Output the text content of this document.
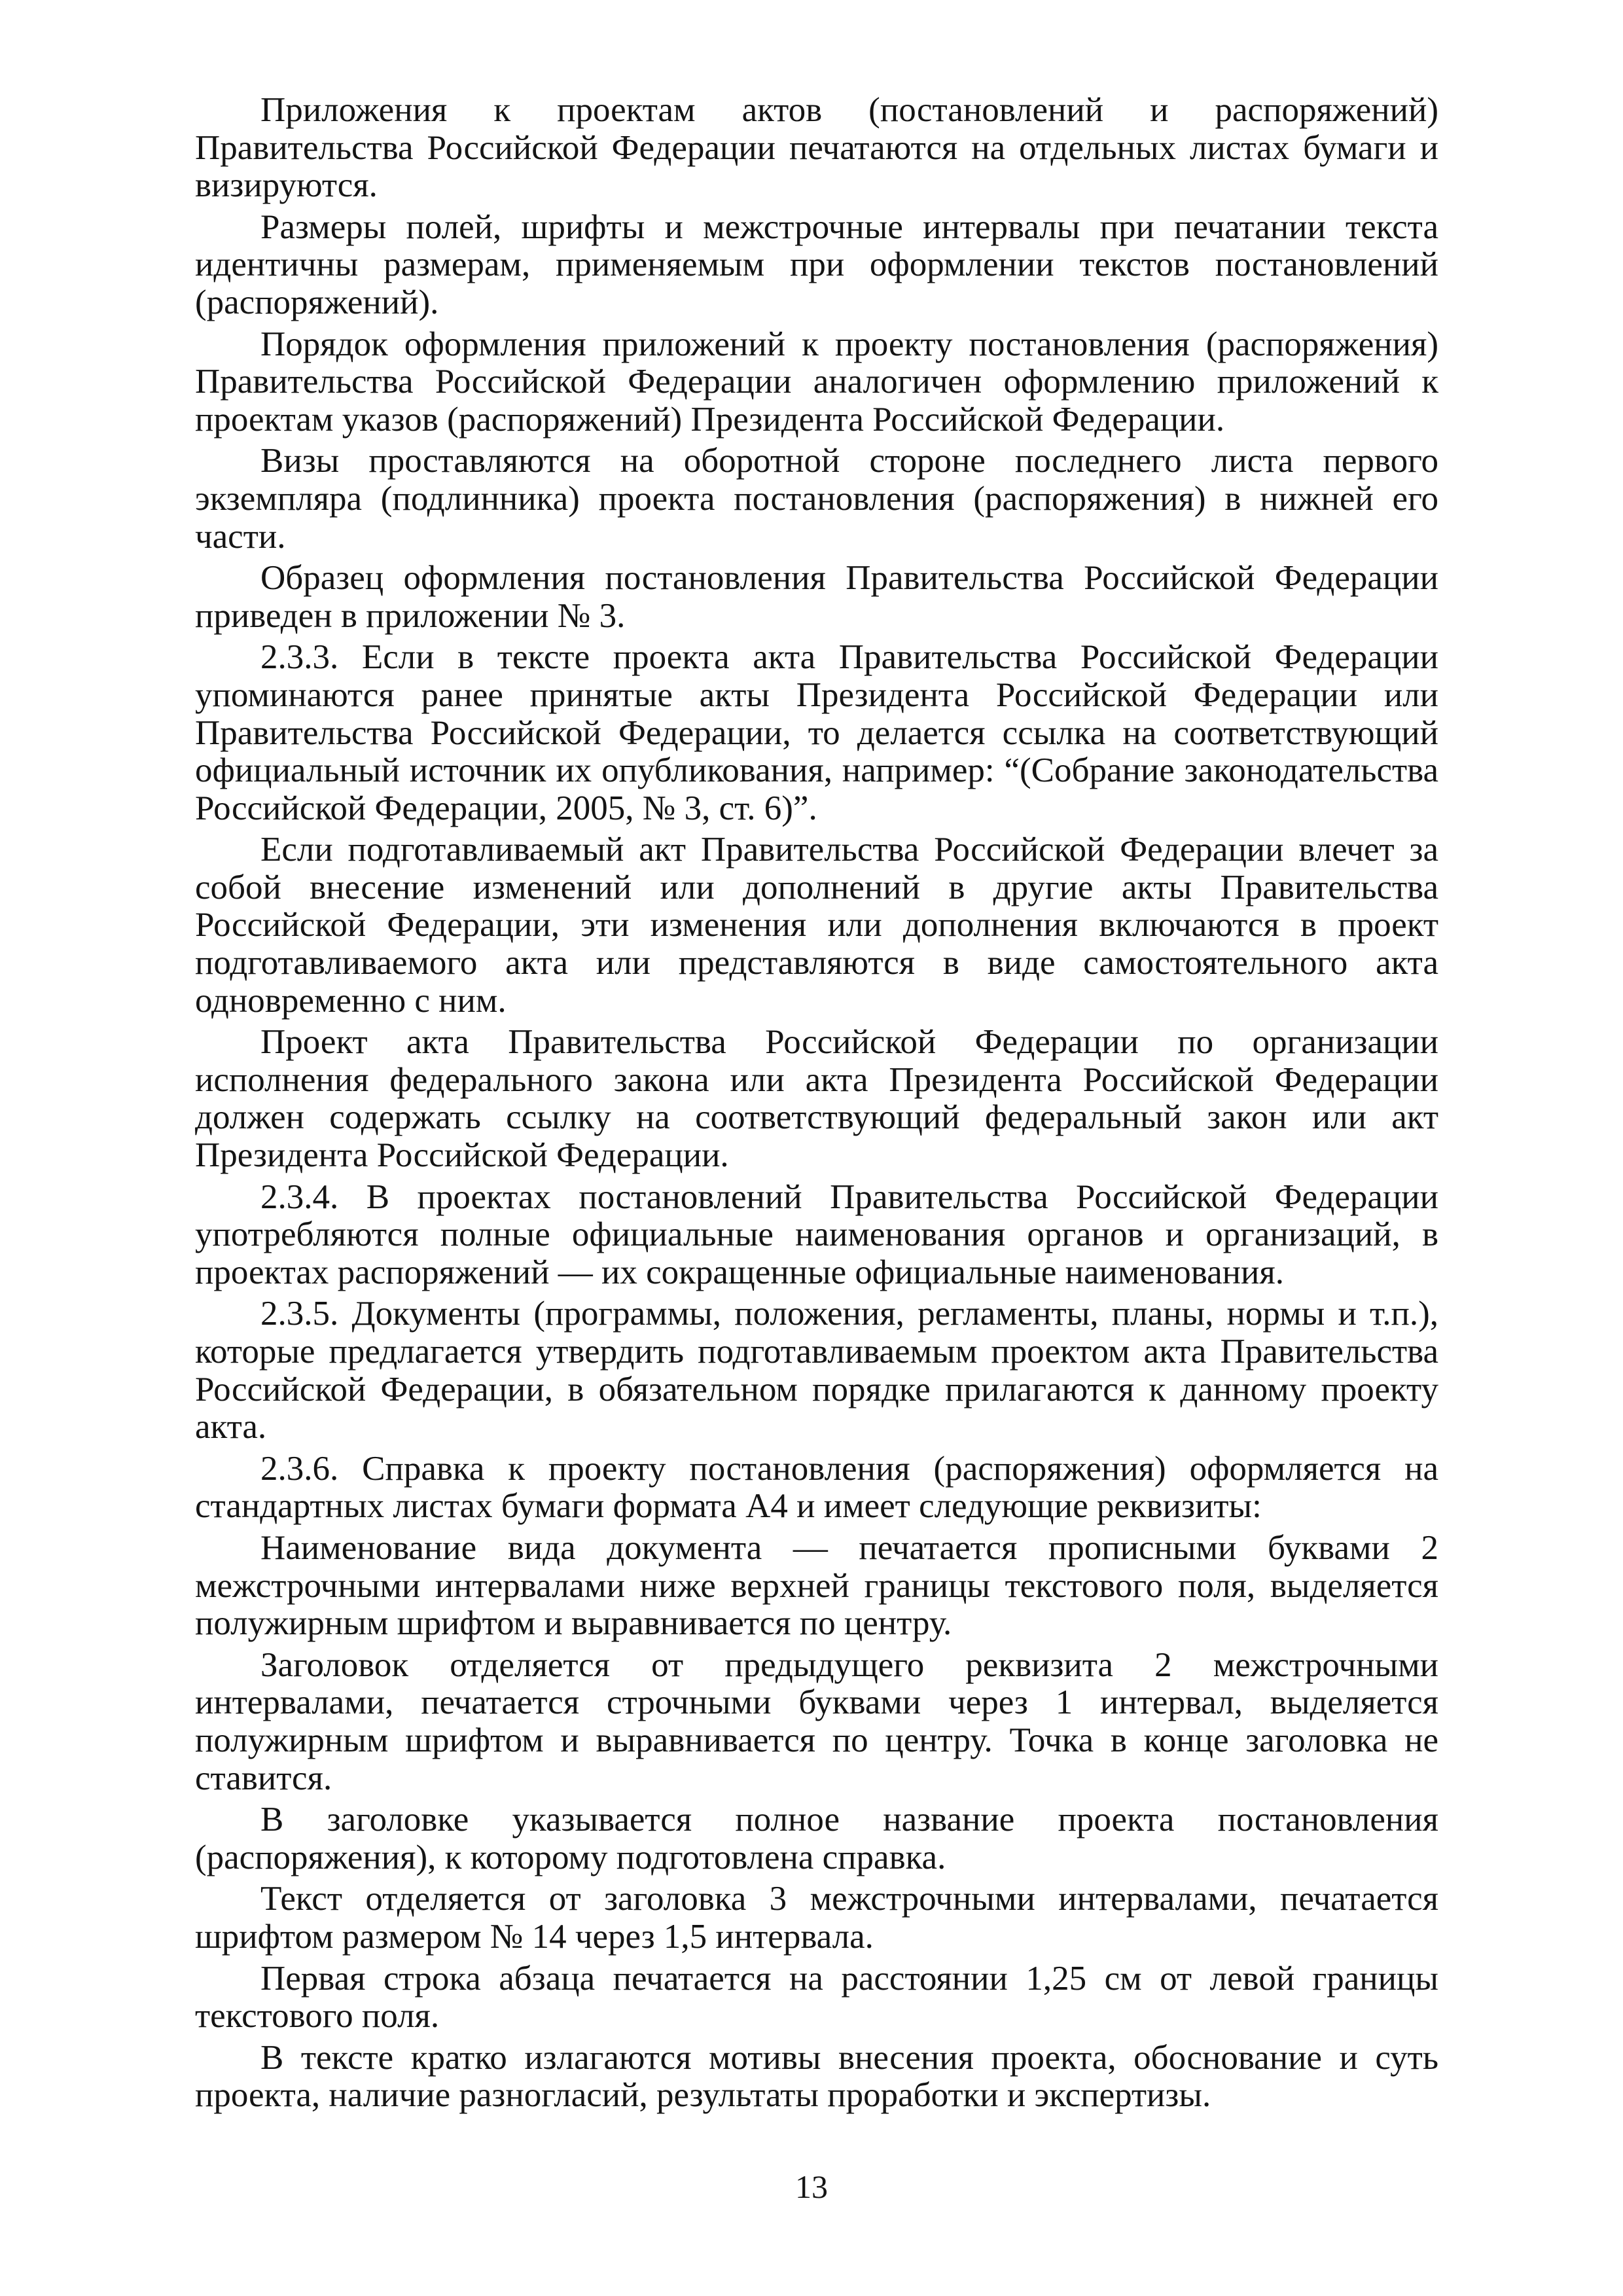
Приложения к проектам актов (постановлений и распоряжений) Правительства Российской Федерации печатаются на отдельных листах бумаги и визируются.

Размеры полей, шрифты и межстрочные интервалы при печатании текста идентичны размерам, применяемым при оформлении текстов постановлений (распоряжений).

Порядок оформления приложений к проекту постановления (распоряжения) Правительства Российской Федерации аналогичен оформлению приложений к проектам указов (распоряжений) Президента Российской Федерации.

Визы проставляются на оборотной стороне последнего листа первого экземпляра (подлинника) проекта постановления (распоряжения) в нижней его части.

Образец оформления постановления Правительства Российской Федерации приведен в приложении № 3.

2.3.3. Если в тексте проекта акта Правительства Российской Федерации упоминаются ранее принятые акты Президента Российской Федерации или Правительства Российской Федерации, то делается ссылка на соответствующий официальный источник их опубликования, например: “(Собрание законодательства Российской Федерации, 2005, № 3, ст. 6)”.

Если подготавливаемый акт Правительства Российской Федерации влечет за собой внесение изменений или дополнений в другие акты Правительства Российской Федерации, эти изменения или дополнения включаются в проект подготавливаемого акта или представляются в виде самостоятельного акта одновременно с ним.

Проект акта Правительства Российской Федерации по организации исполнения федерального закона или акта Президента Российской Федерации должен содержать ссылку на соответствующий федеральный закон или акт Президента Российской Федерации.

2.3.4. В проектах постановлений Правительства Российской Федерации употребляются полные официальные наименования органов и организаций, в проектах распоряжений — их сокращенные официальные наименования.

2.3.5. Документы (программы, положения, регламенты, планы, нормы и т.п.), которые предлагается утвердить подготавливаемым проектом акта Правительства Российской Федерации, в обязательном порядке прилагаются к данному проекту акта.

2.3.6. Справка к проекту постановления (распоряжения) оформляется на стандартных листах бумаги формата А4 и имеет следующие реквизиты:

Наименование вида документа — печатается прописными буквами 2 межстрочными интервалами ниже верхней границы текстового поля, выделяется полужирным шрифтом и выравнивается по центру.

Заголовок отделяется от предыдущего реквизита 2 межстрочными интервалами, печатается строчными буквами через 1 интервал, выделяется полужирным шрифтом и выравнивается по центру. Точка в конце заголовка не ставится.

В заголовке указывается полное название проекта постановления (распоряжения), к которому подготовлена справка.

Текст отделяется от заголовка 3 межстрочными интервалами, печатается шрифтом размером № 14 через 1,5 интервала.

Первая строка абзаца печатается на расстоянии 1,25 см от левой границы текстового поля.

В тексте кратко излагаются мотивы внесения проекта, обоснование и суть проекта, наличие разногласий, результаты проработки и экспертизы.

13
